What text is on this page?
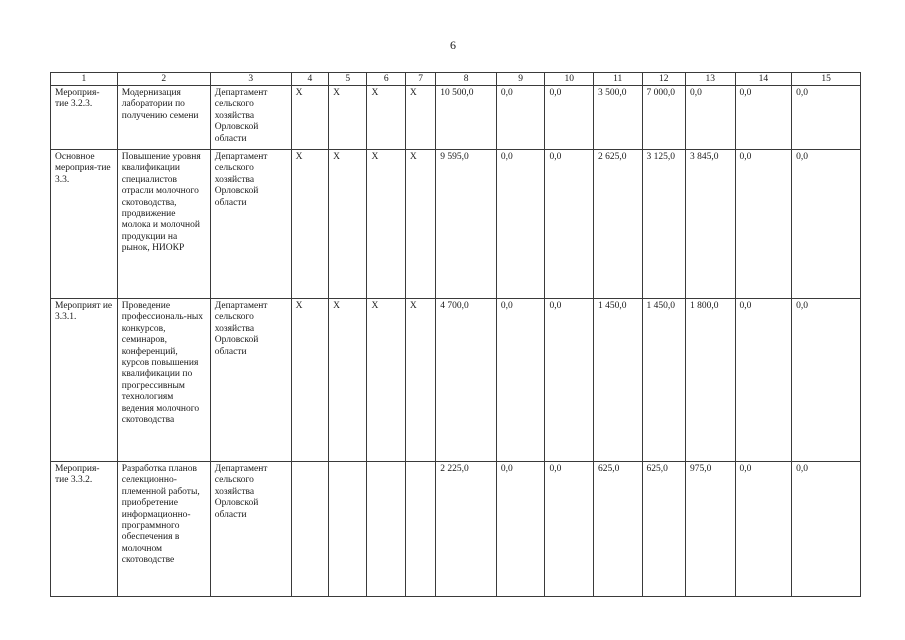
6
1	2	3	4	5	6	7	8	9	10	11	12	13	14	15
Мероприя-тие 3.2.3.	Модернизация лаборатории по получению семени	Департамент сельского хозяйства Орловской области	X	X	X	X	10 500,0	0,0	0,0	3 500,0	7 000,0	0,0	0,0	0,0
Основное мероприя-тие 3.3.	Повышение уровня квалификации специалистов отрасли молочного скотоводства, продвижение молока и молочной продукции на рынок, НИОКР	Департамент сельского хозяйства Орловской области	X	X	X	X	9 595,0	0,0	0,0	2 625,0	3 125,0	3 845,0	0,0	0,0
Мероприят ие 3.3.1.	Проведение профессиональ-ных конкурсов, семинаров, конференций, курсов повышения квалификации по прогрессивным технологиям ведения молочного скотоводства	Департамент сельского хозяйства Орловской области	X	X	X	X	4 700,0	0,0	0,0	1 450,0	1 450,0	1 800,0	0,0	0,0
Мероприя-тие 3.3.2.	Разработка планов селекционно-племенной работы, приобретение информационно-программного обеспечения в молочном скотоводстве	Департамент сельского хозяйства Орловской области					2 225,0	0,0	0,0	625,0	625,0	975,0	0,0	0,0
